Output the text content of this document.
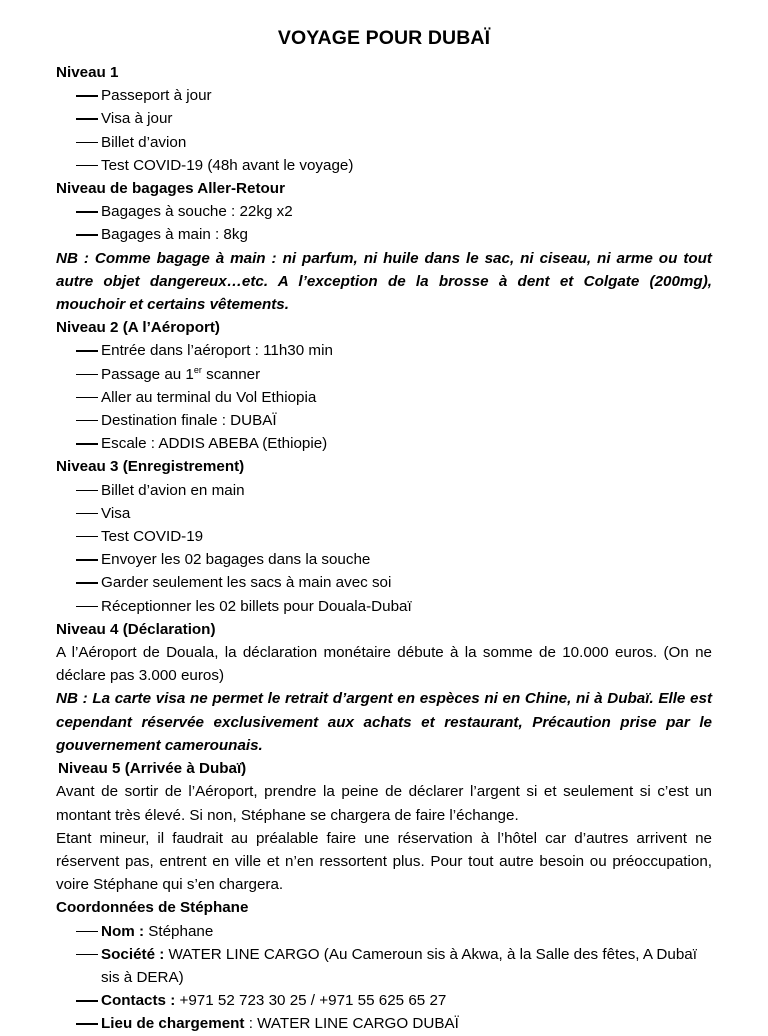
VOYAGE POUR DUBAÏ
Niveau 1
Passeport à jour
Visa à jour
Billet d’avion
Test COVID-19 (48h avant le voyage)
Niveau de bagages Aller-Retour
Bagages à souche : 22kg x2
Bagages à main : 8kg
NB : Comme bagage à main : ni parfum, ni huile dans le sac, ni ciseau, ni arme ou tout autre objet dangereux…etc. A l’exception de la brosse à dent et Colgate (200mg), mouchoir et certains vêtements.
Niveau 2 (A l’Aéroport)
Entrée dans l’aéroport : 11h30 min
Passage au 1er scanner
Aller au terminal du Vol Ethiopia
Destination finale : DUBAÏ
Escale : ADDIS ABEBA (Ethiopie)
Niveau 3 (Enregistrement)
Billet d’avion en main
Visa
Test COVID-19
Envoyer les 02 bagages dans la souche
Garder seulement les sacs à main avec soi
Réceptionner les 02 billets pour Douala-Dubaï
Niveau 4 (Déclaration)
A l’Aéroport de Douala, la déclaration monétaire débute à la somme de 10.000 euros. (On ne déclare pas 3.000 euros)
NB : La carte visa ne permet le retrait d’argent en espèces ni en Chine, ni à Dubaï. Elle est cependant réservée exclusivement aux achats et restaurant, Précaution prise par le gouvernement camerounais.
Niveau 5 (Arrivée à Dubaï)
Avant de sortir de l’Aéroport, prendre la peine de déclarer l’argent si et seulement si c’est un montant très élevé. Si non, Stéphane se chargera de faire l’échange.
Etant mineur, il faudrait au préalable faire une réservation à l’hôtel car d’autres arrivent ne réservent pas, entrent en ville et n’en ressortent plus. Pour tout autre besoin ou préoccupation, voire Stéphane qui s’en chargera.
Coordonnées de Stéphane
Nom : Stéphane
Société : WATER LINE CARGO (Au Cameroun sis à Akwa, à la Salle des fêtes, A Dubaï sis à DERA)
Contacts : +971 52 723 30 25 / +971 55 625 65 27
Lieu de chargement : WATER LINE CARGO DUBAÏ
